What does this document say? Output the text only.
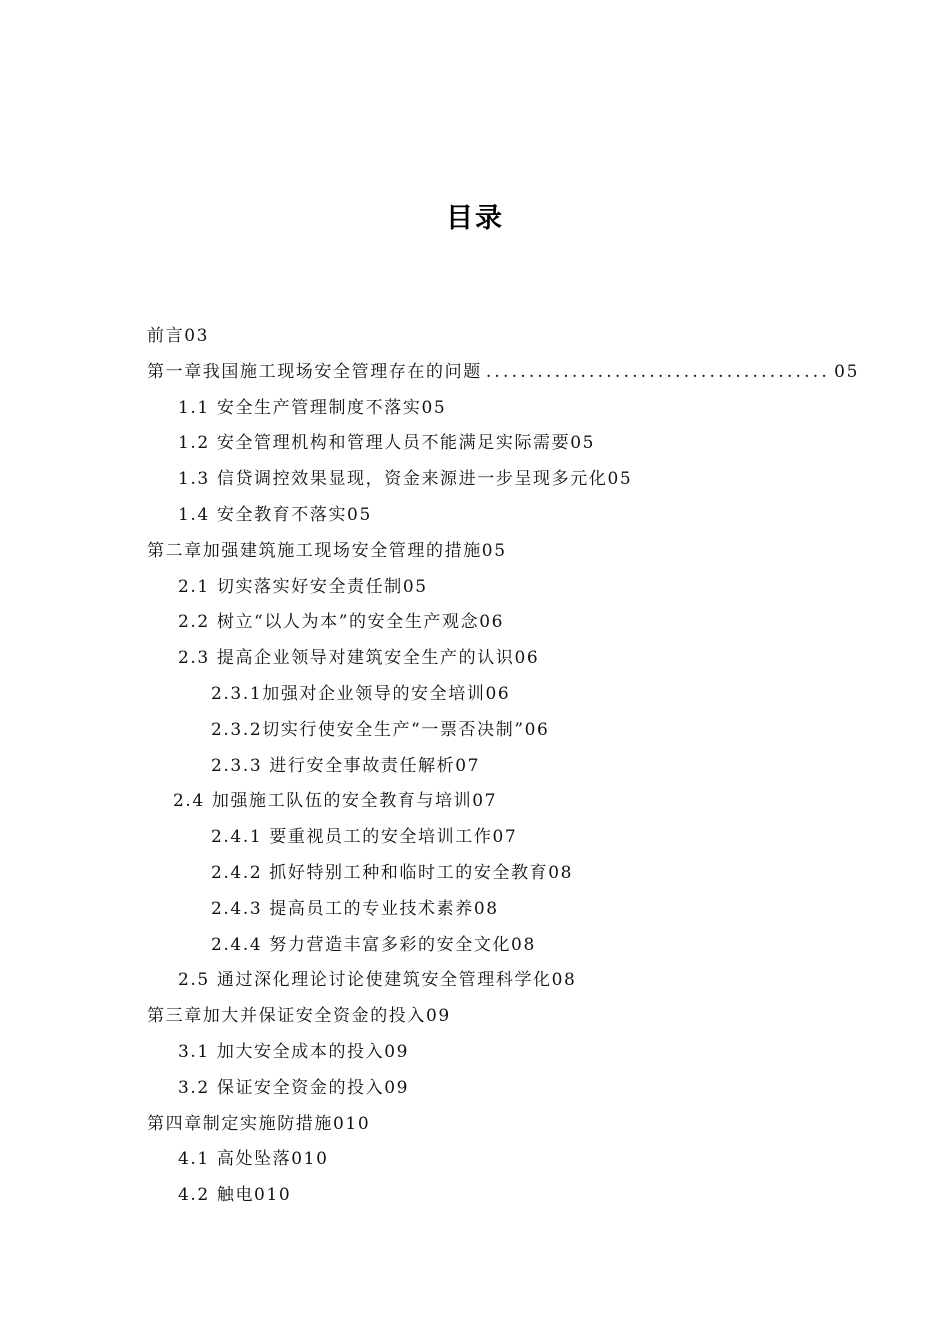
目录
前言03
第一章我国施工现场安全管理存在的问题
.....	05
1.1 安全生产管理制度不落实05
1.2 安全管理机构和管理人员不能满足实际需要05
1.3 信贷调控效果显现，资金来源进一步呈现多元化05
1.4 安全教育不落实05
第二章加强建筑施工现场安全管理的措施05
2.1 切实落实好安全责任制05
2.2 树立“以人为本”的安全生产观念06
2.3 提高企业领导对建筑安全生产的认识06
2.3.1加强对企业领导的安全培训06
2.3.2切实行使安全生产“一票否决制”06
2.3.3 进行安全事故责任解析07
2.4 加强施工队伍的安全教育与培训07
2.4.1 要重视员工的安全培训工作07
2.4.2 抓好特别工种和临时工的安全教育08
2.4.3 提高员工的专业技术素养08
2.4.4 努力营造丰富多彩的安全文化08
2.5 通过深化理论讨论使建筑安全管理科学化08
第三章加大并保证安全资金的投入09
3.1 加大安全成本的投入09
3.2 保证安全资金的投入09
第四章制定实施防措施010
4.1 高处坠落010
4.2 触电010
